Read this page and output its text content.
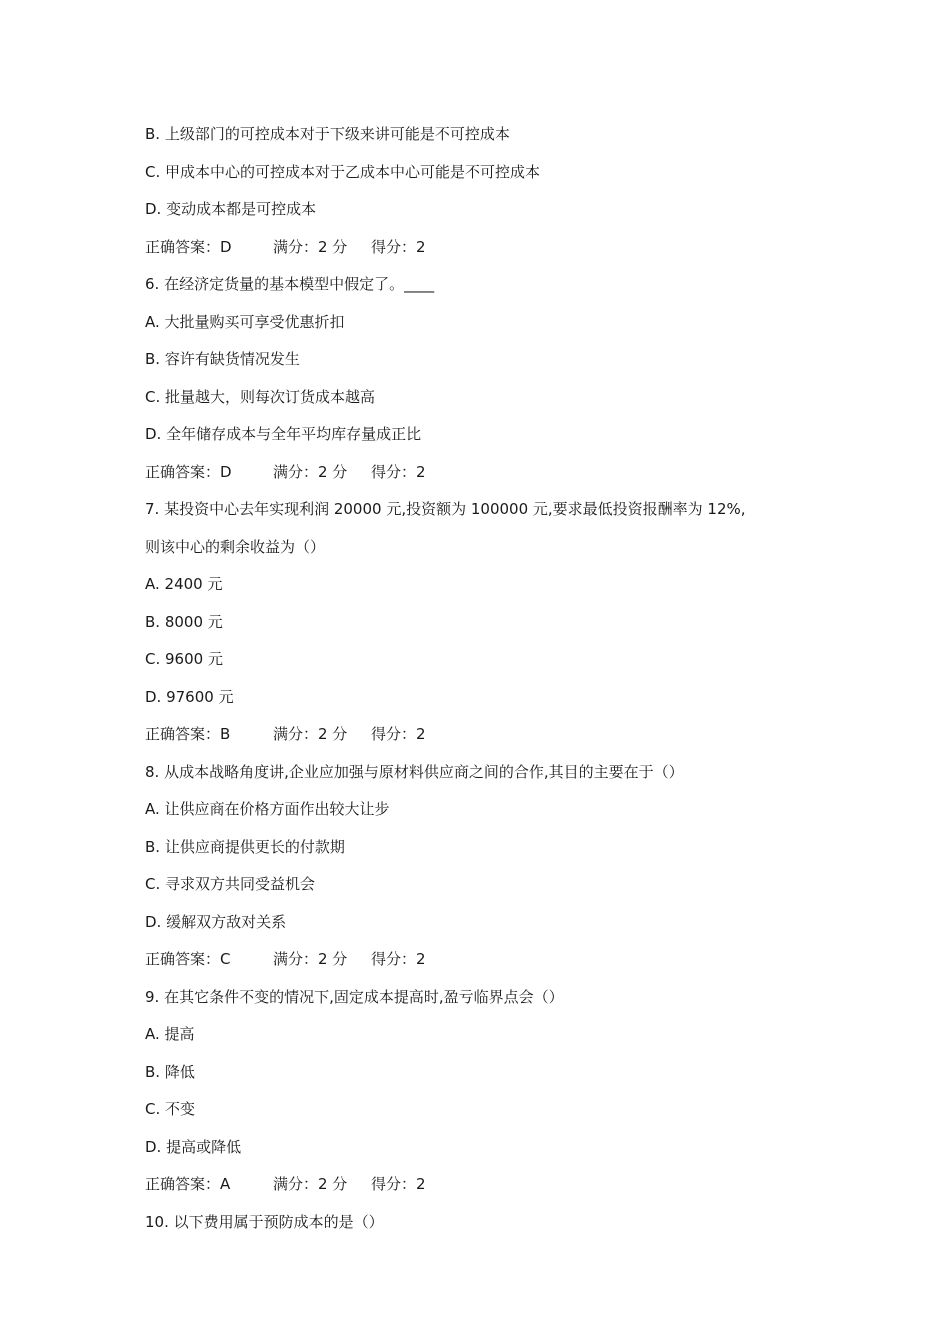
B. 上级部门的可控成本对于下级来讲可能是不可控成本
C. 甲成本中心的可控成本对于乙成本中心可能是不可控成本
D. 变动成本都是可控成本
正确答案：D	满分：2 分 得分：2
6. 在经济定货量的基本模型中假定了。____
A. 大批量购买可享受优惠折扣
B. 容许有缺货情况发生
C. 批量越大，则每次订货成本越高
D. 全年储存成本与全年平均库存量成正比
正确答案：D	满分：2 分 得分：2
7. 某投资中心去年实现利润 20000 元,投资额为 100000 元,要求最低投资报酬率为 12%,
则该中心的剩余收益为（）
A. 2400 元
B. 8000 元
C. 9600 元
D. 97600 元
正确答案：B	满分：2 分 得分：2
8. 从成本战略角度讲,企业应加强与原材料供应商之间的合作,其目的主要在于（）
A. 让供应商在价格方面作出较大让步
B. 让供应商提供更长的付款期
C. 寻求双方共同受益机会
D. 缓解双方敌对关系
正确答案：C	满分：2 分 得分：2
9. 在其它条件不变的情况下,固定成本提高时,盈亏临界点会（）
A. 提高
B. 降低
C. 不变
D. 提高或降低
正确答案：A	满分：2 分 得分：2
10. 以下费用属于预防成本的是（）
